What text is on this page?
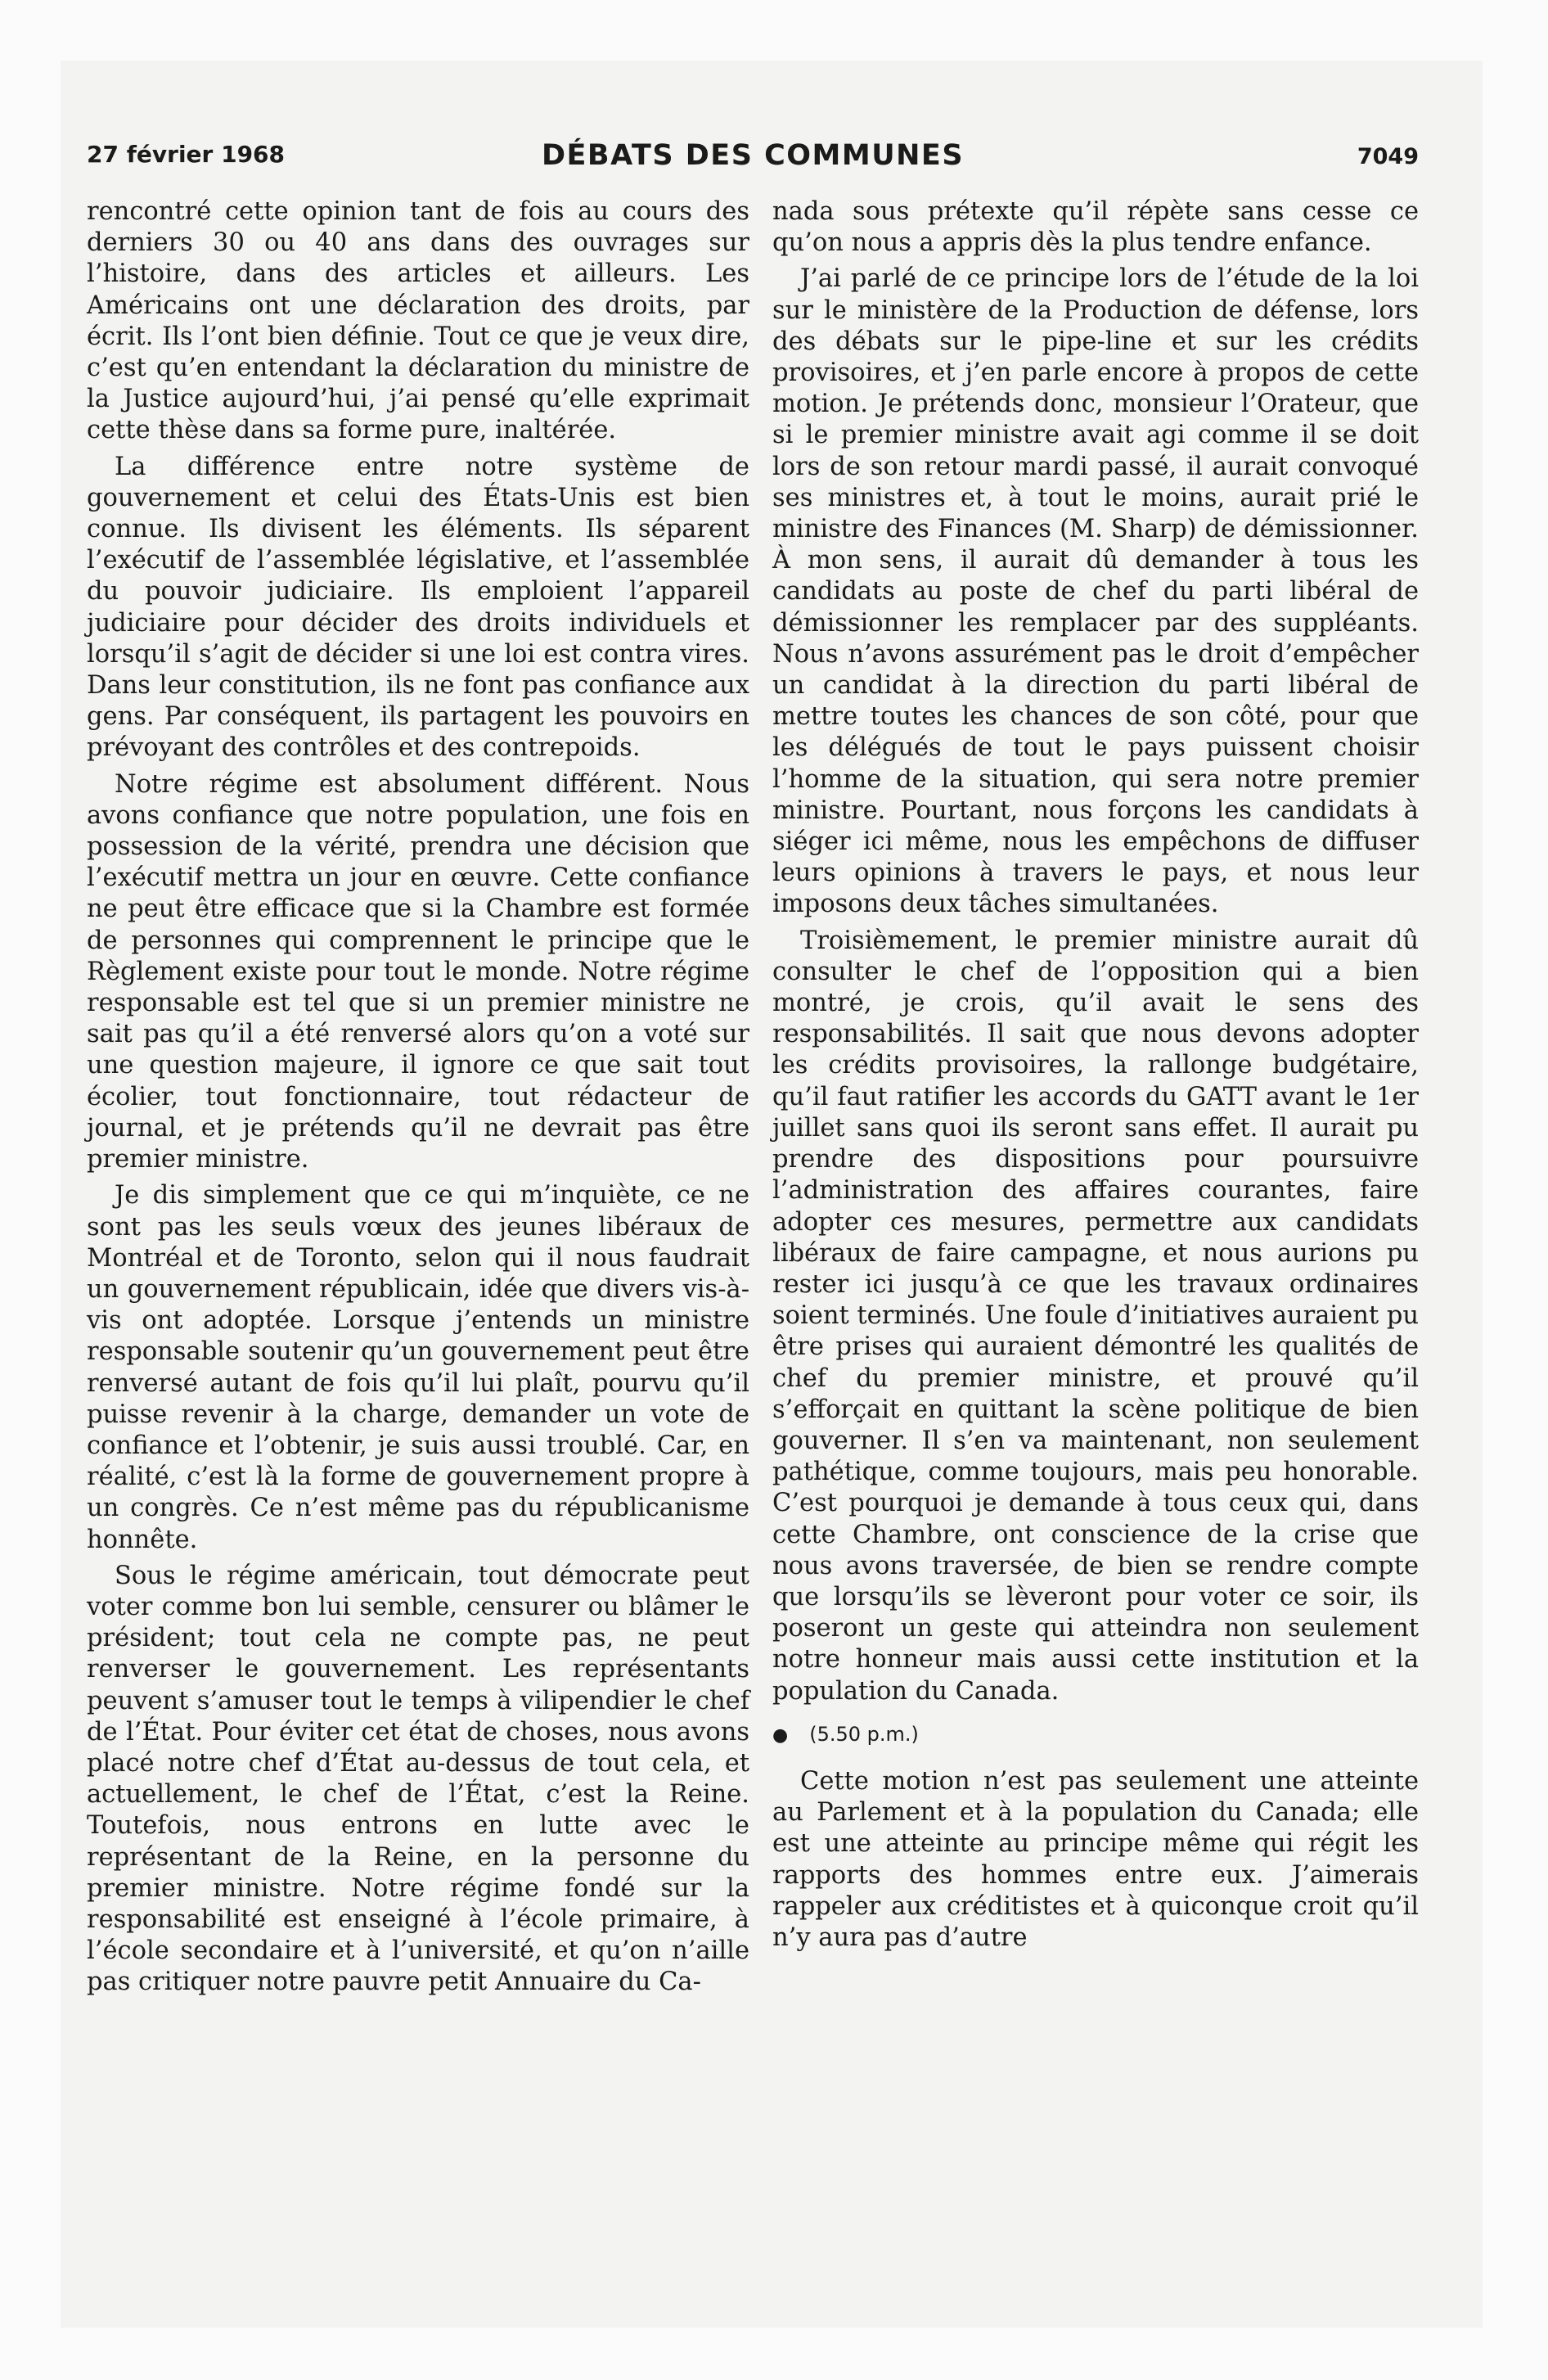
27 février 1968	DÉBATS DES COMMUNES	7049

rencontré cette opinion tant de fois au cours des derniers 30 ou 40 ans dans des ouvrages sur l’histoire, dans des articles et ailleurs. Les Américains ont une déclaration des droits, par écrit. Ils l’ont bien définie. Tout ce que je veux dire, c’est qu’en entendant la déclaration du ministre de la Justice aujourd’hui, j’ai pensé qu’elle exprimait cette thèse dans sa forme pure, inaltérée.

La différence entre notre système de gouvernement et celui des États-Unis est bien connue. Ils divisent les éléments. Ils séparent l’exécutif de l’assemblée législative, et l’assemblée du pouvoir judiciaire. Ils emploient l’appareil judiciaire pour décider des droits individuels et lorsqu’il s’agit de décider si une loi est contra vires. Dans leur constitution, ils ne font pas confiance aux gens. Par conséquent, ils partagent les pouvoirs en prévoyant des contrôles et des contrepoids.

Notre régime est absolument différent. Nous avons confiance que notre population, une fois en possession de la vérité, prendra une décision que l’exécutif mettra un jour en œuvre. Cette confiance ne peut être efficace que si la Chambre est formée de personnes qui comprennent le principe que le Règlement existe pour tout le monde. Notre régime responsable est tel que si un premier ministre ne sait pas qu’il a été renversé alors qu’on a voté sur une question majeure, il ignore ce que sait tout écolier, tout fonctionnaire, tout rédacteur de journal, et je prétends qu’il ne devrait pas être premier ministre.

Je dis simplement que ce qui m’inquiète, ce ne sont pas les seuls vœux des jeunes libéraux de Montréal et de Toronto, selon qui il nous faudrait un gouvernement républicain, idée que divers vis-à-vis ont adoptée. Lorsque j’entends un ministre responsable soutenir qu’un gouvernement peut être renversé autant de fois qu’il lui plaît, pourvu qu’il puisse revenir à la charge, demander un vote de confiance et l’obtenir, je suis aussi troublé. Car, en réalité, c’est là la forme de gouvernement propre à un congrès. Ce n’est même pas du républicanisme honnête.

Sous le régime américain, tout démocrate peut voter comme bon lui semble, censurer ou blâmer le président; tout cela ne compte pas, ne peut renverser le gouvernement. Les représentants peuvent s’amuser tout le temps à vilipendier le chef de l’État. Pour éviter cet état de choses, nous avons placé notre chef d’État au-dessus de tout cela, et actuellement, le chef de l’État, c’est la Reine. Toutefois, nous entrons en lutte avec le représentant de la Reine, en la personne du premier ministre. Notre régime fondé sur la responsabilité est enseigné à l’école primaire, à l’école secondaire et à l’université, et qu’on n’aille pas critiquer notre pauvre petit Annuaire du Ca-

nada sous prétexte qu’il répète sans cesse ce qu’on nous a appris dès la plus tendre enfance.

J’ai parlé de ce principe lors de l’étude de la loi sur le ministère de la Production de défense, lors des débats sur le pipe-line et sur les crédits provisoires, et j’en parle encore à propos de cette motion. Je prétends donc, monsieur l’Orateur, que si le premier ministre avait agi comme il se doit lors de son retour mardi passé, il aurait convoqué ses ministres et, à tout le moins, aurait prié le ministre des Finances (M. Sharp) de démissionner. À mon sens, il aurait dû demander à tous les candidats au poste de chef du parti libéral de démissionner les remplacer par des suppléants. Nous n’avons assurément pas le droit d’empêcher un candidat à la direction du parti libéral de mettre toutes les chances de son côté, pour que les délégués de tout le pays puissent choisir l’homme de la situation, qui sera notre premier ministre. Pourtant, nous forçons les candidats à siéger ici même, nous les empêchons de diffuser leurs opinions à travers le pays, et nous leur imposons deux tâches simultanées.

Troisièmement, le premier ministre aurait dû consulter le chef de l’opposition qui a bien montré, je crois, qu’il avait le sens des responsabilités. Il sait que nous devons adopter les crédits provisoires, la rallonge budgétaire, qu’il faut ratifier les accords du GATT avant le 1er juillet sans quoi ils seront sans effet. Il aurait pu prendre des dispositions pour poursuivre l’administration des affaires courantes, faire adopter ces mesures, permettre aux candidats libéraux de faire campagne, et nous aurions pu rester ici jusqu’à ce que les travaux ordinaires soient terminés. Une foule d’initiatives auraient pu être prises qui auraient démontré les qualités de chef du premier ministre, et prouvé qu’il s’efforçait en quittant la scène politique de bien gouverner. Il s’en va maintenant, non seulement pathétique, comme toujours, mais peu honorable. C’est pourquoi je demande à tous ceux qui, dans cette Chambre, ont conscience de la crise que nous avons traversée, de bien se rendre compte que lorsqu’ils se lèveront pour voter ce soir, ils poseront un geste qui atteindra non seulement notre honneur mais aussi cette institution et la population du Canada.

● (5.50 p.m.)

Cette motion n’est pas seulement une atteinte au Parlement et à la population du Canada; elle est une atteinte au principe même qui régit les rapports des hommes entre eux. J’aimerais rappeler aux créditistes et à quiconque croit qu’il n’y aura pas d’autre
